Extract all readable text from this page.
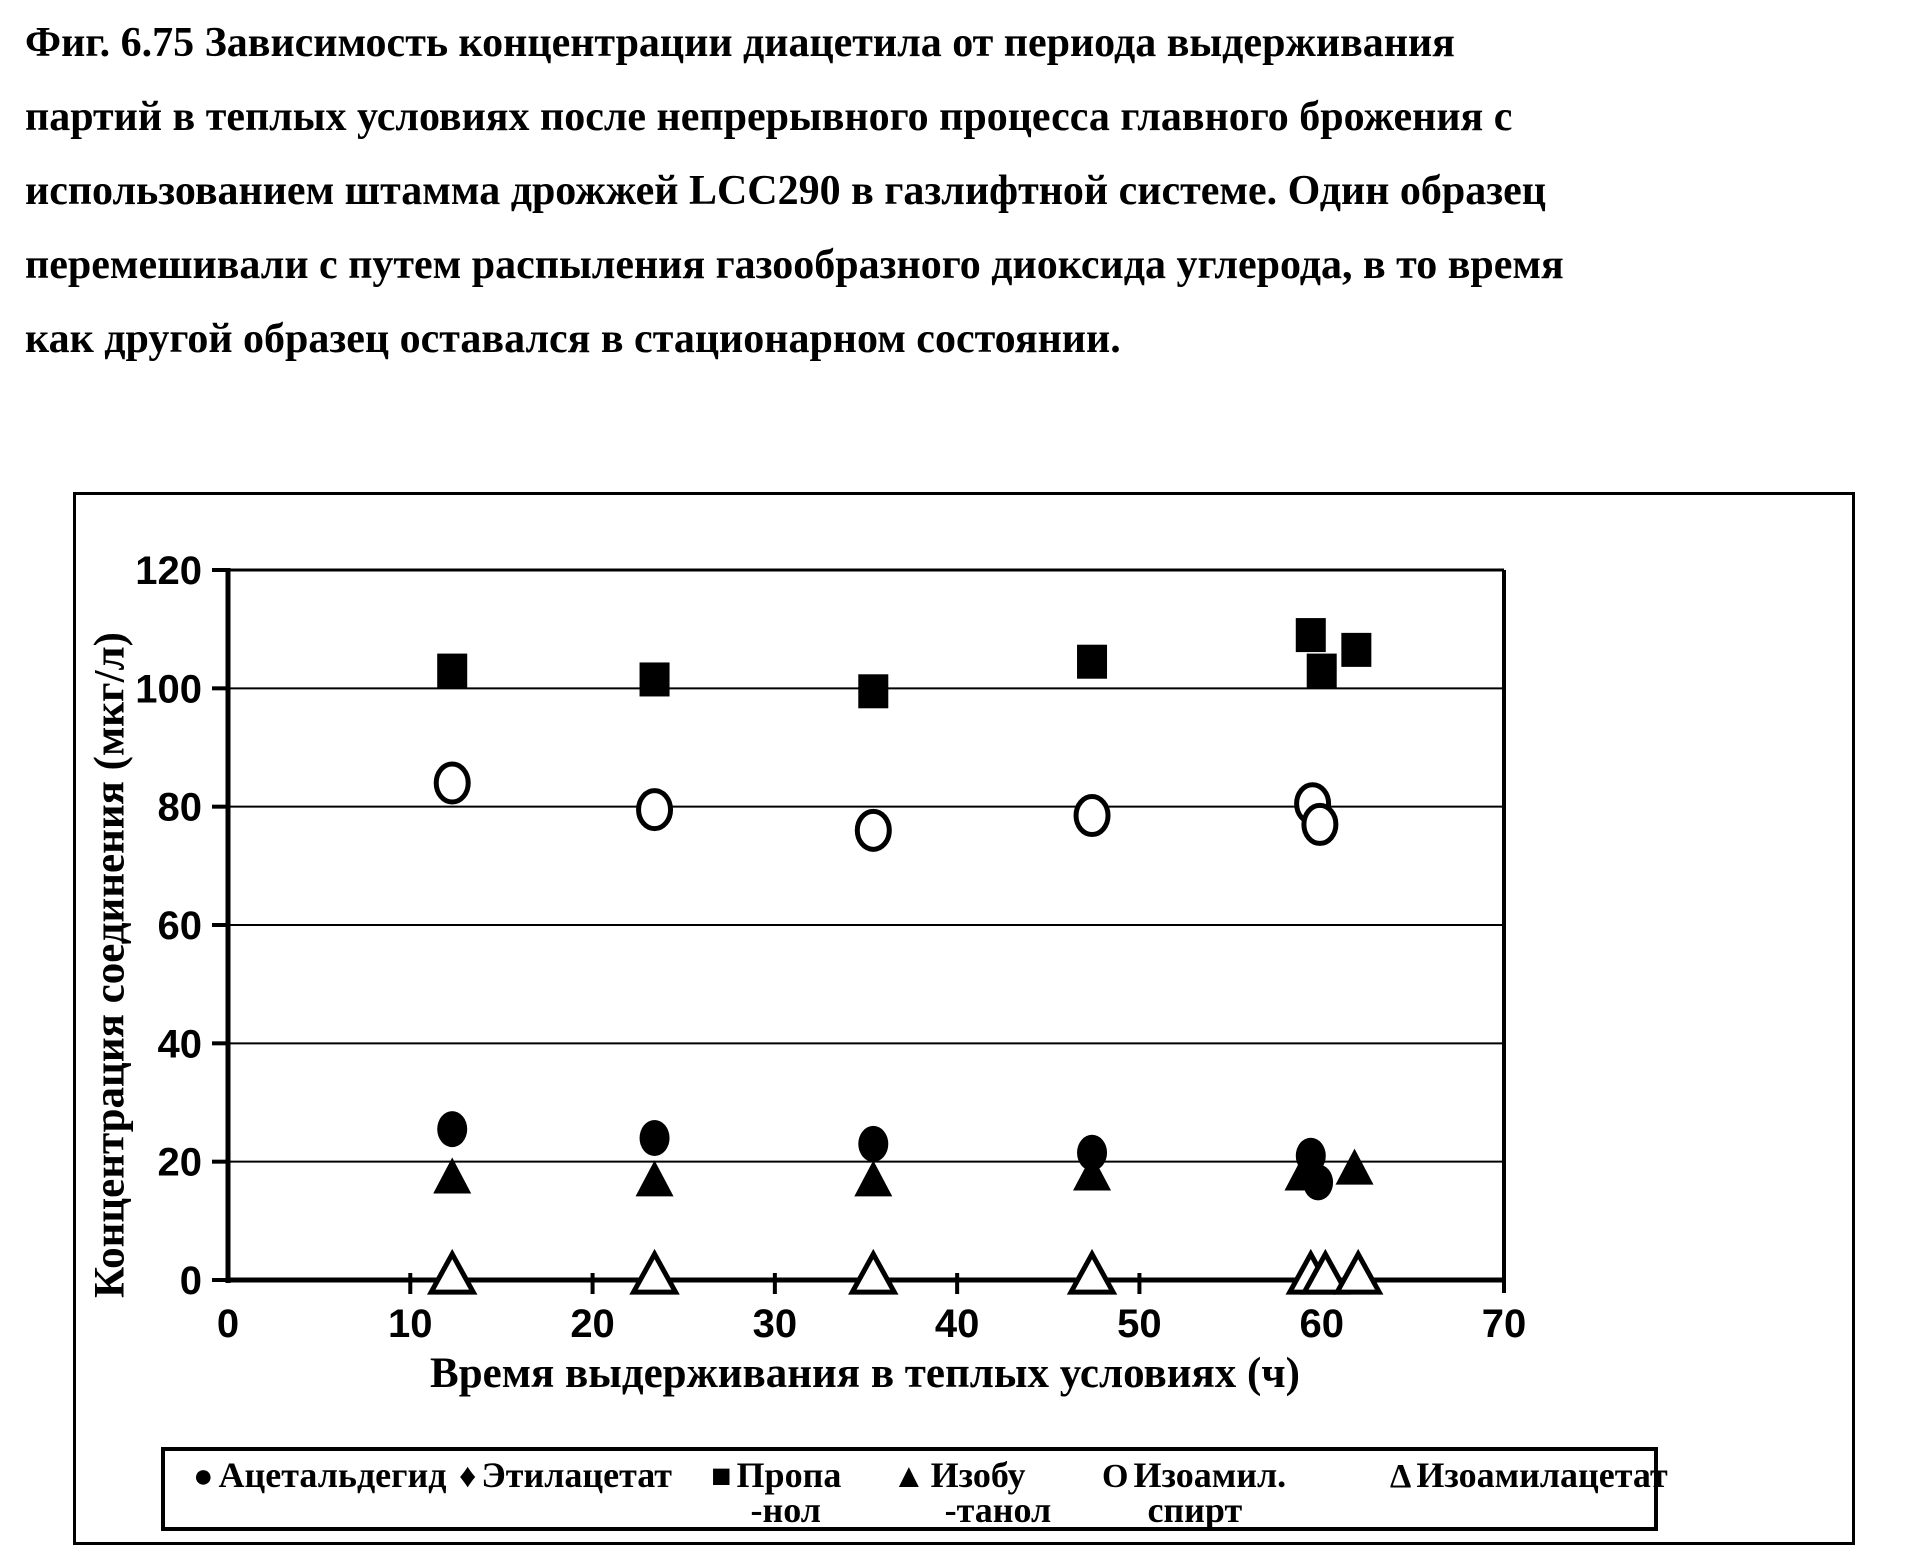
Фиг. 6.75 Зависимость концентрации диацетила от периода выдерживания
партий в теплых условиях после непрерывного процесса главного брожения с
использованием штамма дрожжей LCC290 в газлифтной системе. Один образец
перемешивали с путем распыления газообразного диоксида углерода, в то время
как другой образец оставался в стационарном состоянии.
0
20
40
60
80
100
120
0	10	20	30	40	50	60	70
Концентрация соединения (мкг/л)
Время выдерживания в теплых условиях (ч)
● Ацетальдегид ♦ Этилацетат ■ Пропа
-нол
▲ Изобу
-танол
O Изоамил.
спирт
Δ Изоамилацетат
